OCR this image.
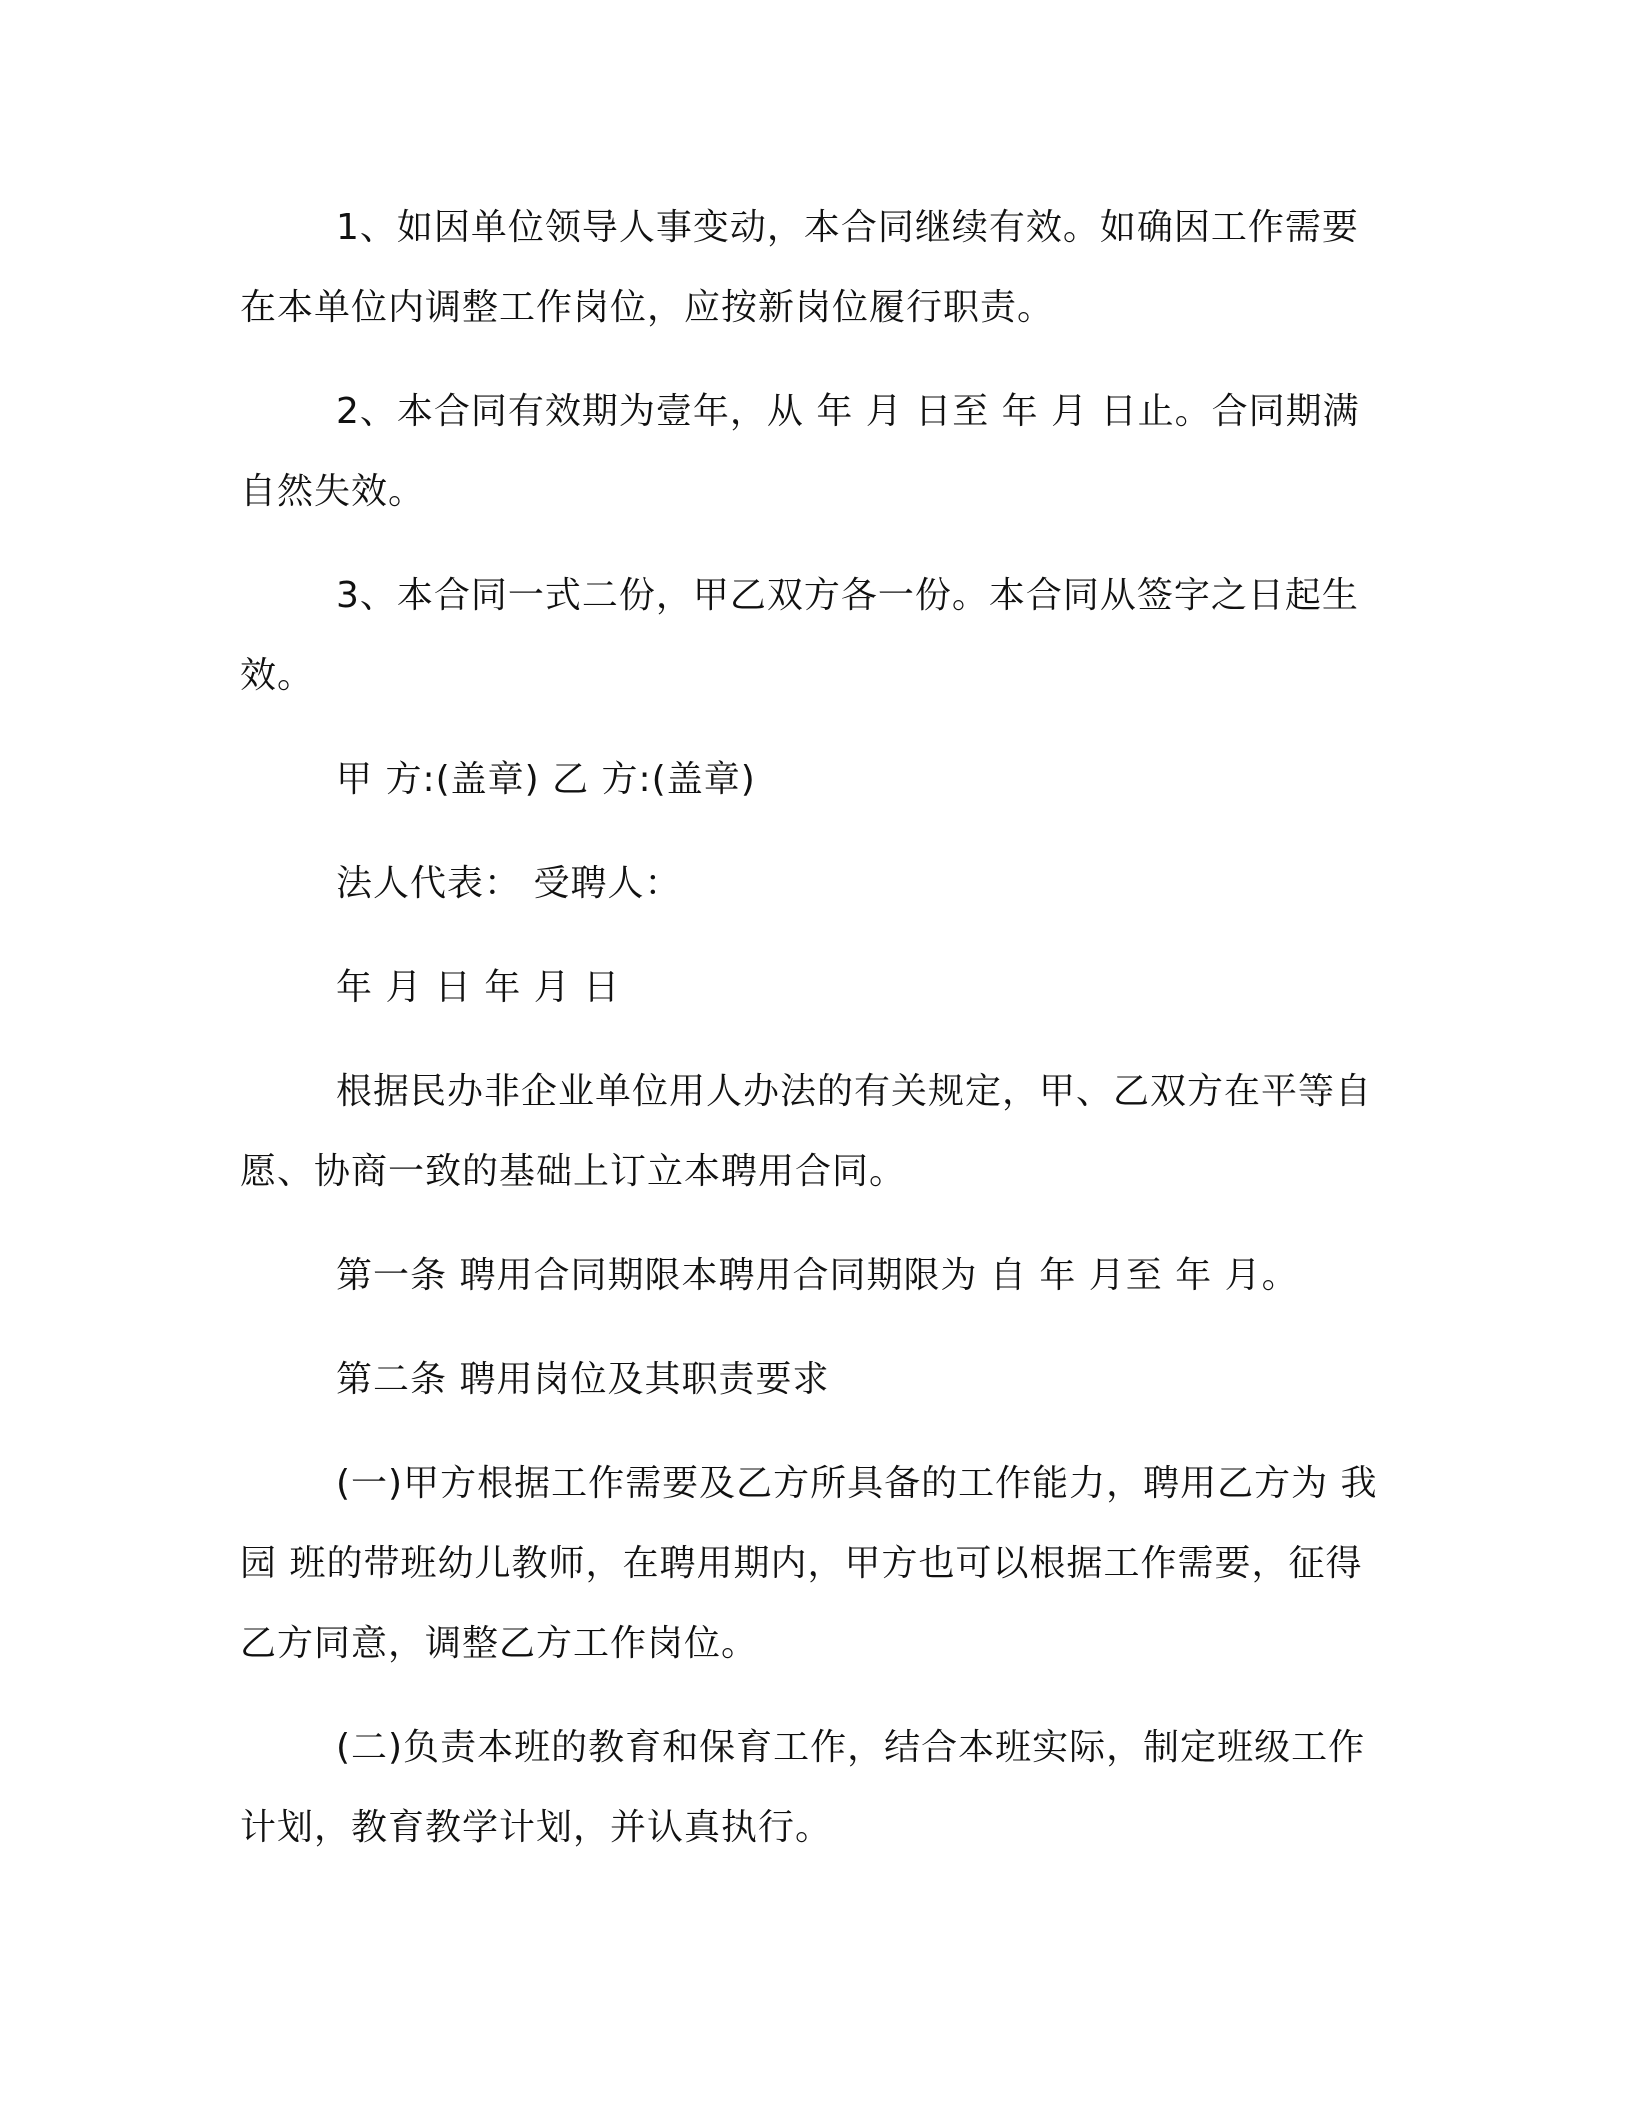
1、如因单位领导人事变动，本合同继续有效。如确因工作需要在本单位内调整工作岗位，应按新岗位履行职责。

2、本合同有效期为壹年，从 年 月 日至 年 月 日止。合同期满自然失效。

3、本合同一式二份，甲乙双方各一份。本合同从签字之日起生效。

甲 方:(盖章) 乙 方:(盖章)

法人代表： 受聘人：

年 月 日 年 月 日

根据民办非企业单位用人办法的有关规定，甲、乙双方在平等自愿、协商一致的基础上订立本聘用合同。

第一条 聘用合同期限本聘用合同期限为 自 年 月至 年 月。

第二条 聘用岗位及其职责要求

(一)甲方根据工作需要及乙方所具备的工作能力，聘用乙方为 我园 班的带班幼儿教师，在聘用期内，甲方也可以根据工作需要，征得乙方同意，调整乙方工作岗位。

(二)负责本班的教育和保育工作，结合本班实际，制定班级工作计划，教育教学计划，并认真执行。
